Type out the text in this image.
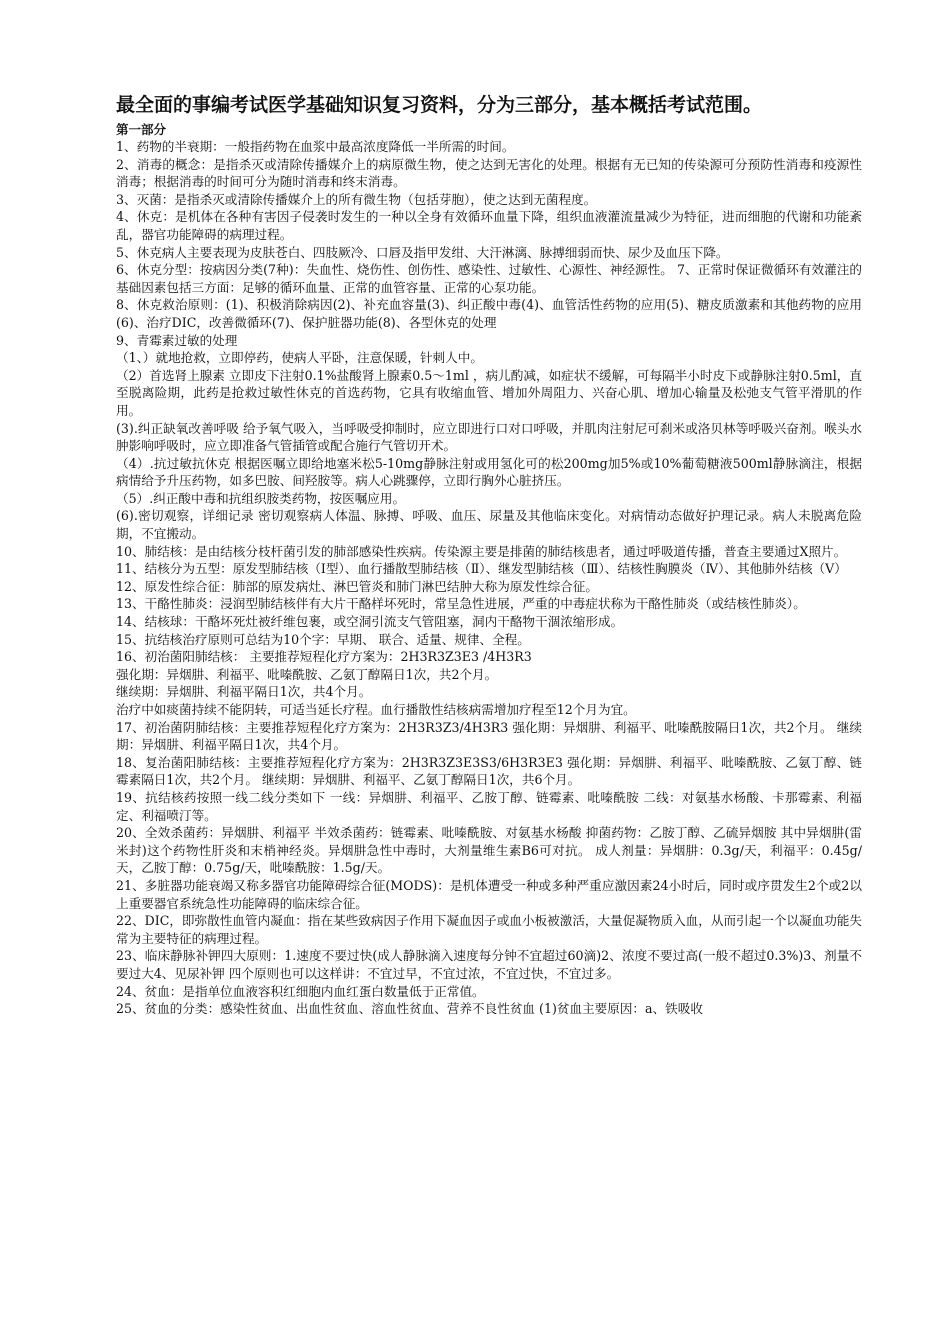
最全面的事编考试医学基础知识复习资料，分为三部分，基本概括考试范围。
第一部分

1、药物的半衰期：一般指药物在血浆中最高浓度降低一半所需的时间。

2、消毒的概念：是指杀灭或清除传播媒介上的病原微生物，使之达到无害化的处理。根据有无已知的传染源可分预防性消毒和疫源性消毒；根据消毒的时间可分为随时消毒和终末消毒。

3、灭菌：是指杀灭或清除传播媒介上的所有微生物（包括芽胞），使之达到无菌程度。

4、休克：是机体在各种有害因子侵袭时发生的一种以全身有效循环血量下降，组织血液灌流量减少为特征，进而细胞的代谢和功能紊乱，器官功能障碍的病理过程。

5、休克病人主要表现为皮肤苍白、四肢厥冷、口唇及指甲发绀、大汗淋漓、脉搏细弱而快、尿少及血压下降。

6、休克分型：按病因分类(7种)：失血性、烧伤性、创伤性、感染性、过敏性、心源性、神经源性。 7、正常时保证微循环有效灌注的基础因素包括三方面：足够的循环血量、正常的血管容量、正常的心泵功能。

8、休克救治原则：(1)、积极消除病因(2)、补充血容量(3)、纠正酸中毒(4)、血管活性药物的应用(5)、糖皮质激素和其他药物的应用(6)、治疗DIC，改善微循环(7)、保护脏器功能(8)、各型休克的处理

9、青霉素过敏的处理

（1、）就地抢救，立即停药，使病人平卧，注意保暖，针刺人中。

（2）首选肾上腺素 立即皮下注射0.1%盐酸肾上腺素0.5～1ml ，病儿酌减，如症状不缓解，可每隔半小时皮下或静脉注射0.5ml，直至脱离险期，此药是抢救过敏性休克的首选药物，它具有收缩血管、增加外周阻力、兴奋心肌、增加心输量及松弛支气管平滑肌的作用。

(3).纠正缺氧改善呼吸 给予氧气吸入，当呼吸受抑制时，应立即进行口对口呼吸，并肌肉注射尼可刹米或洛贝林等呼吸兴奋剂。喉头水肿影响呼吸时，应立即准备气管插管或配合施行气管切开术。

（4）.抗过敏抗休克 根据医嘱立即给地塞米松5-10mg静脉注射或用氢化可的松200mg加5%或10%葡萄糖液500ml静脉滴注，根据病情给予升压药物，如多巴胺、间羟胺等。病人心跳骤停，立即行胸外心脏挤压。

（5）.纠正酸中毒和抗组织胺类药物，按医嘱应用。

(6).密切观察，详细记录 密切观察病人体温、脉搏、呼吸、血压、尿量及其他临床变化。对病情动态做好护理记录。病人未脱离危险期，不宜搬动。

10、肺结核：是由结核分枝杆菌引发的肺部感染性疾病。传染源主要是排菌的肺结核患者，通过呼吸道传播，普查主要通过X照片。

11、结核分为五型：原发型肺结核（Ⅰ型）、血行播散型肺结核（Ⅱ）、继发型肺结核（Ⅲ）、结核性胸膜炎（Ⅳ）、其他肺外结核（Ⅴ）

12、原发性综合征：肺部的原发病灶、淋巴管炎和肺门淋巴结肿大称为原发性综合征。

13、干酪性肺炎：浸润型肺结核伴有大片干酪样坏死时，常呈急性进展，严重的中毒症状称为干酪性肺炎（或结核性肺炎）。

14、结核球：干酪坏死灶被纤维包裹，或空洞引流支气管阻塞，洞内干酪物干涸浓缩形成。

15、抗结核治疗原则可总结为10个字：早期、 联合、适量、规律、全程。

16、初治菌阳肺结核： 主要推荐短程化疗方案为：2H3R3Z3E3 /4H3R3

强化期：异烟肼、利福平、吡嗪酰胺、乙氨丁醇隔日1次，共2个月。

继续期：异烟肼、利福平隔日1次，共4个月。

治疗中如痰菌持续不能阴转，可适当延长疗程。血行播散性结核病需增加疗程至12个月为宜。

17、初治菌阴肺结核：主要推荐短程化疗方案为：2H3R3Z3/4H3R3 强化期：异烟肼、利福平、吡嗪酰胺隔日1次，共2个月。 继续期：异烟肼、利福平隔日1次，共4个月。

18、复治菌阳肺结核：主要推荐短程化疗方案为：2H3R3Z3E3S3/6H3R3E3 强化期：异烟肼、利福平、吡嗪酰胺、乙氨丁醇、链霉素隔日1次，共2个月。 继续期：异烟肼、利福平、乙氨丁醇隔日1次，共6个月。

19、抗结核药按照一线二线分类如下 一线：异烟肼、利福平、乙胺丁醇、链霉素、吡嗪酰胺 二线：对氨基水杨酸、卡那霉素、利福定、利福喷汀等。

20、全效杀菌药：异烟肼、利福平 半效杀菌药：链霉素、吡嗪酰胺、对氨基水杨酸 抑菌药物：乙胺丁醇、乙硫异烟胺 其中异烟肼(雷米封)这个药物性肝炎和末梢神经炎。异烟肼急性中毒时，大剂量维生素B6可对抗。 成人剂量：异烟肼：0.3g/天，利福平：0.45g/天，乙胺丁醇：0.75g/天，吡嗪酰胺：1.5g/天。

21、多脏器功能衰竭又称多器官功能障碍综合征(MODS)：是机体遭受一种或多种严重应激因素24小时后，同时或序贯发生2个或2以上重要器官系统急性功能障碍的临床综合征。

22、DIC，即弥散性血管内凝血：指在某些致病因子作用下凝血因子或血小板被激活，大量促凝物质入血，从而引起一个以凝血功能失常为主要特征的病理过程。

23、临床静脉补钾四大原则：1.速度不要过快(成人静脉滴入速度每分钟不宜超过60滴)2、浓度不要过高(一般不超过0.3%)3、剂量不要过大4、见尿补钾 四个原则也可以这样讲：不宜过早，不宜过浓，不宜过快，不宜过多。

24、贫血：是指单位血液容积红细胞内血红蛋白数量低于正常值。

25、贫血的分类：感染性贫血、出血性贫血、溶血性贫血、营养不良性贫血 (1)贫血主要原因：a、铁吸收
